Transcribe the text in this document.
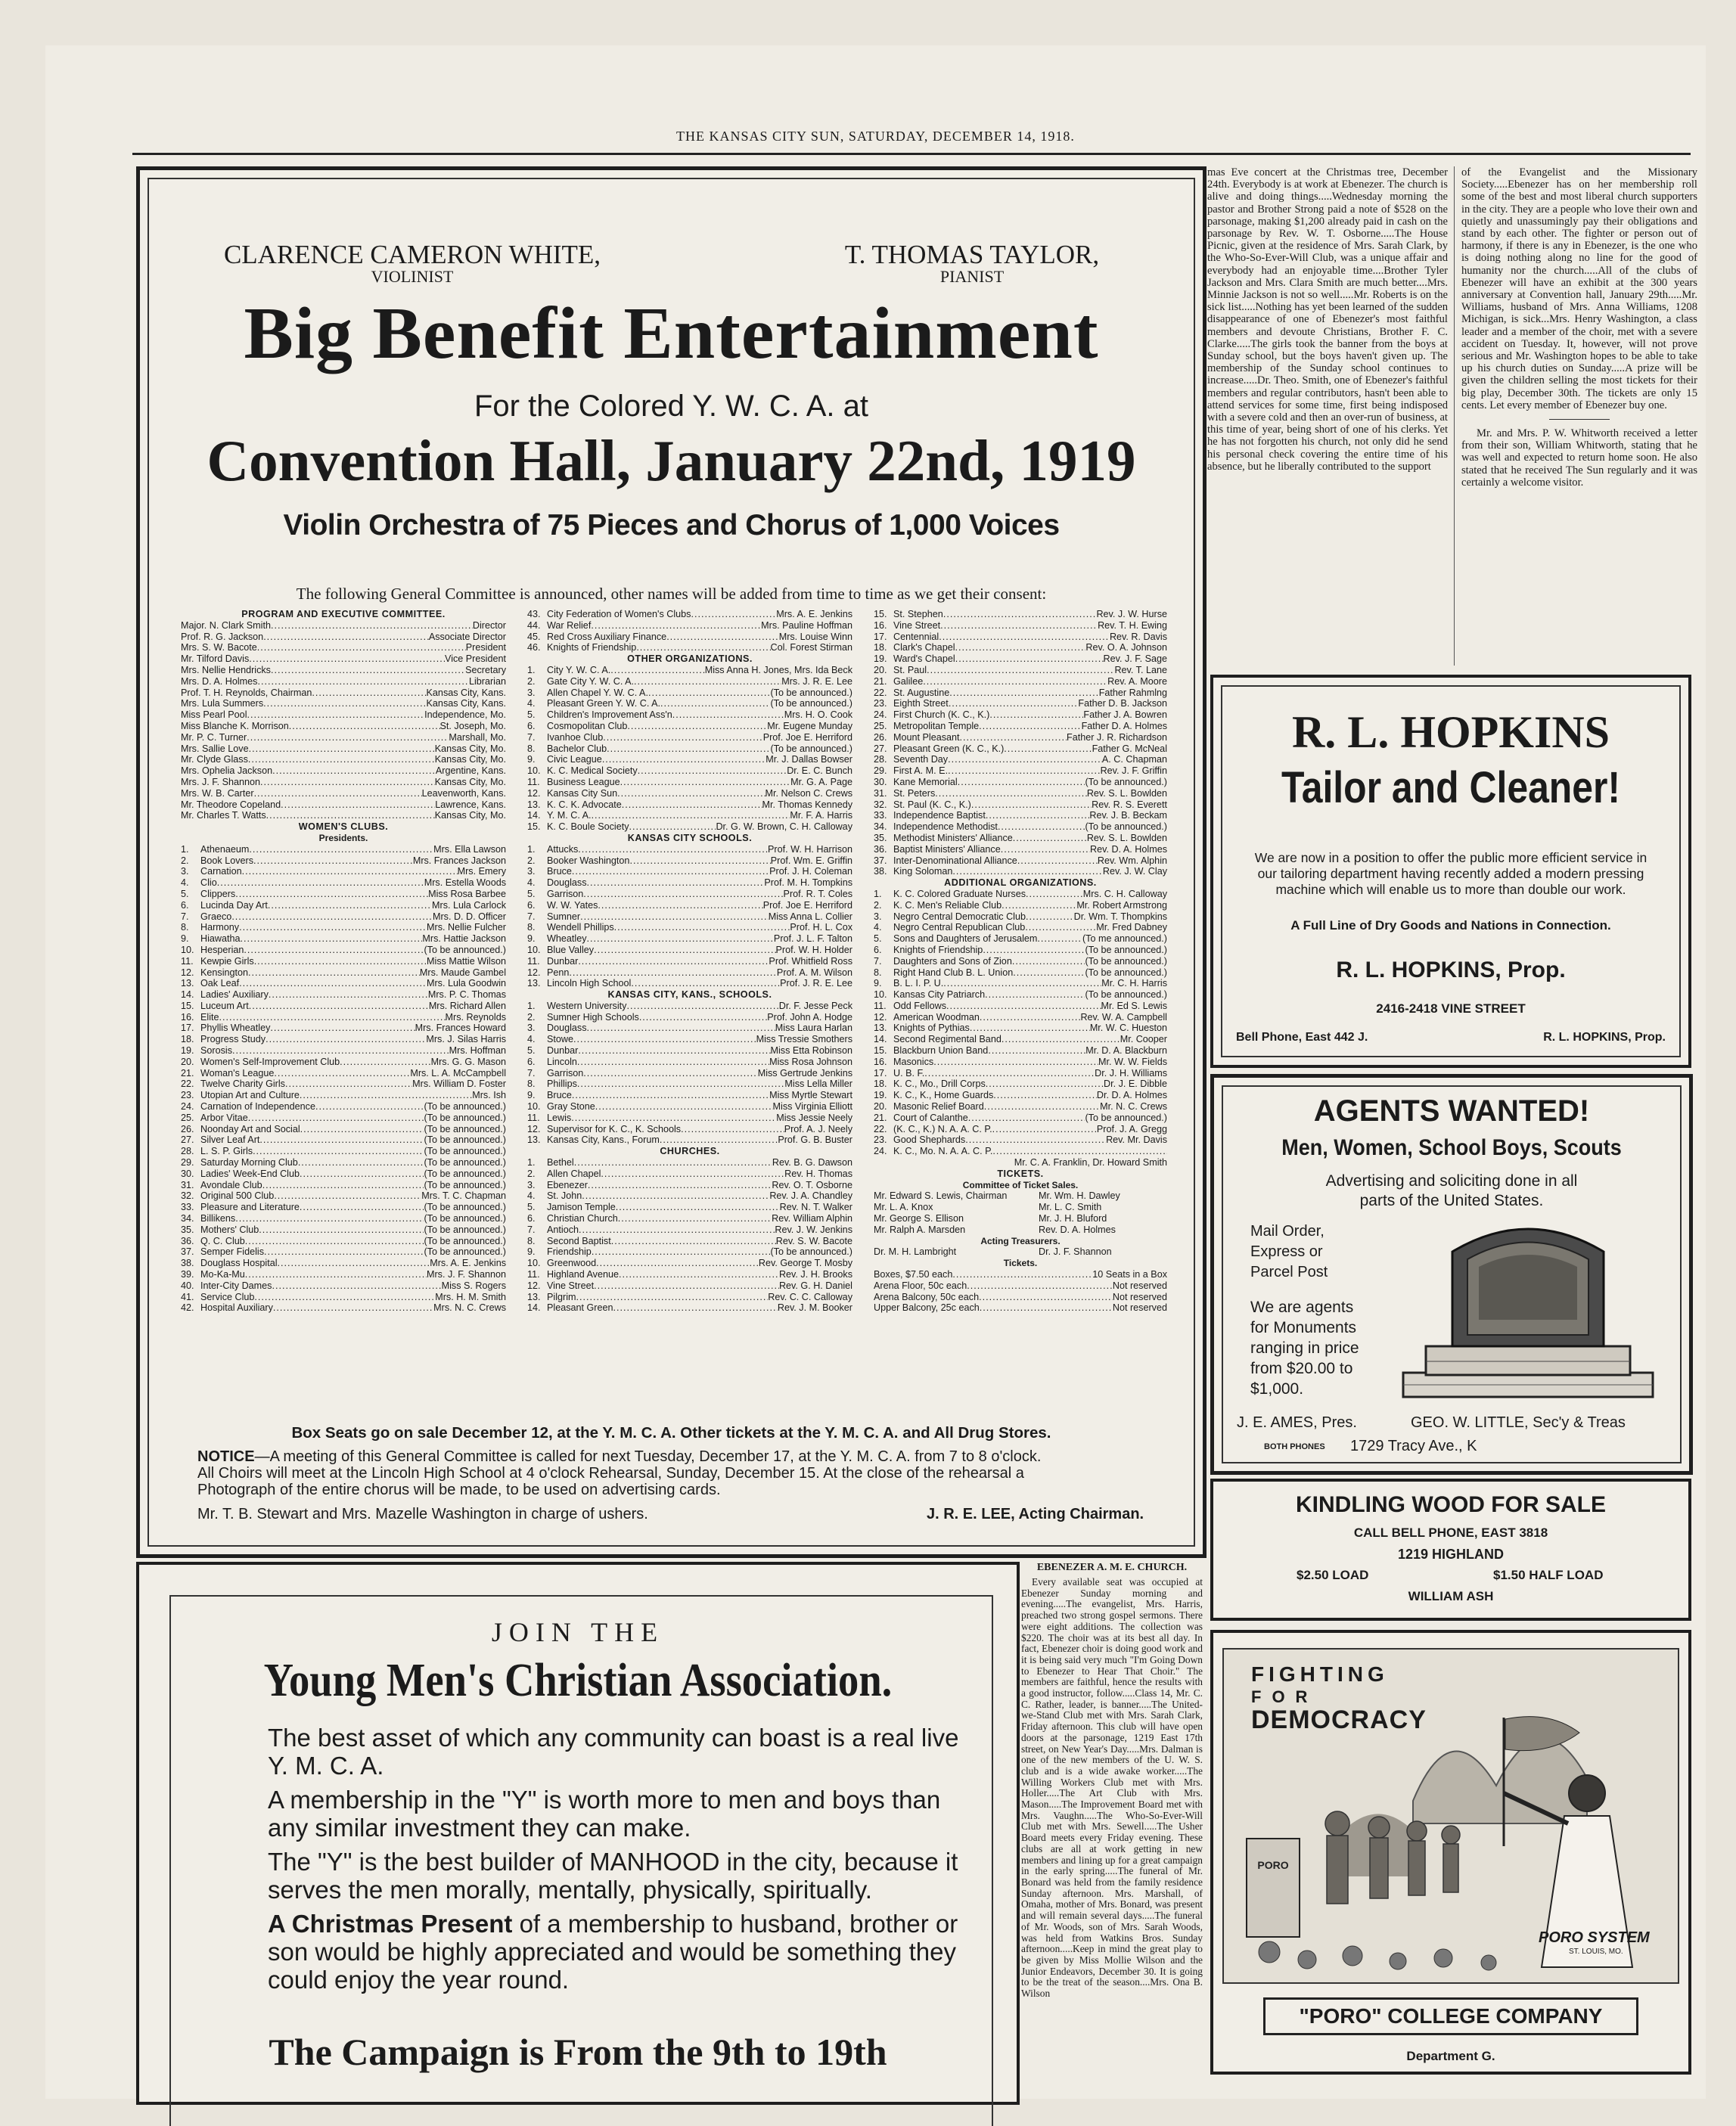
THE KANSAS CITY SUN, SATURDAY, DECEMBER 14, 1918.
CLARENCE CAMERON WHITE,
VIOLINIST
T. THOMAS TAYLOR,
PIANIST
Big Benefit Entertainment
For the Colored Y. W. C. A. at
Convention Hall, January 22nd, 1919
Violin Orchestra of 75 Pieces and Chorus of 1,000 Voices
The following General Committee is announced, other names will be added from time to time as we get their consent:
PROGRAM AND EXECUTIVE COMMITTEE.
Major. N. Clark Smith .....	Director
Prof. R. G. Jackson .....	Associate Director
Mrs. S. W. Bacote .....	President
Mr. Tilford Davis .....	Vice President
Mrs. Nellie Hendricks .....	Secretary
Mrs. D. A. Holmes .....	Librarian
Prof. T. H. Reynolds, Chairman .....	Kansas City, Kans.
Mrs. Lula Summers .....	Kansas City, Kans.
Miss Pearl Pool .....	Independence, Mo.
Miss Blanche K. Morrison .....	St. Joseph, Mo.
Mr. P. C. Turner .....	Marshall, Mo.
Mrs. Sallie Love .....	Kansas City, Mo.
Mr. Clyde Glass .....	Kansas City, Mo.
Mrs. Ophelia Jackson .....	Argentine, Kans.
Mrs. J. F. Shannon .....	Kansas City, Mo.
Mrs. W. B. Carter .....	Leavenworth, Kans.
Mr. Theodore Copeland .....	Lawrence, Kans.
Mr. Charles T. Watts .....	Kansas City, Mo.
WOMEN'S CLUBS.
Presidents.
1.	Athenaeum .....	Mrs. Ella Lawson
2.	Book Lovers .....	Mrs. Frances Jackson
3.	Carnation .....	Mrs. Emery
4.	Clio .....	Mrs. Estella Woods
5.	Clippers .....	Miss Rosa Barbee
6.	Lucinda Day Art .....	Mrs. Lula Carlock
7.	Graeco .....	Mrs. D. D. Officer
8.	Harmony .....	Mrs. Nellie Fulcher
9.	Hiawatha .....	Mrs. Hattie Jackson
10. Hesperian .....	(To be announced.)
11. Kewpie Girls .....	Miss Mattie Wilson
12. Kensington .....	Mrs. Maude Gambel
13. Oak Leaf .....	Mrs. Lula Goodwin
14. Ladies' Auxiliary .....	Mrs. P. C. Thomas
15. Luceum Art .....	Mrs. Richard Allen
16. Elite .....	Mrs. Reynolds
17. Phyllis Wheatley .....	Mrs. Frances Howard
18. Progress Study .....	Mrs. J. Silas Harris
19. Sorosis .....	Mrs. Hoffman
20. Women's Self-Improvement Club .....	Mrs. G. G. Mason
21. Woman's League .....	Mrs. L. A. McCampbell
22. Twelve Charity Girls .....	Mrs. William D. Foster
23. Utopian Art and Culture .....	Mrs. Ish
24. Carnation of Independence .....	(To be announced.)
25. Arbor Vitae .....	(To be announced.)
26. Noonday Art and Social .....	(To be announced.)
27. Silver Leaf Art .....	(To be announced.)
28. L. S. P. Girls .....	(To be announced.)
29. Saturday Morning Club .....	(To be announced.)
30. Ladies' Week-End Club .....	(To be announced.)
31. Avondale Club .....	(To be announced.)
32. Original 500 Club .....	Mrs. T. C. Chapman
33. Pleasure and Literature .....	(To be announced.)
34. Billikens .....	(To be announced.)
35. Mothers' Club .....	(To be announced.)
36. Q. C. Club .....	(To be announced.)
37. Semper Fidelis .....	(To be announced.)
38. Douglass Hospital .....	Mrs. A. E. Jenkins
39. Mo-Ka-Mu .....	Mrs. J. F. Shannon
40. Inter-City Dames .....	Miss S. Rogers
41. Service Club .....	Mrs. H. M. Smith
42. Hospital Auxiliary .....	Mrs. N. C. Crews
43. City Federation of Women's Clubs .....	Mrs. A. E. Jenkins
44. War Relief .....	Mrs. Pauline Hoffman
45. Red Cross Auxiliary Finance .....	Mrs. Louise Winn
46. Knights of Friendship .....	Col. Forest Stirman
OTHER ORGANIZATIONS.
1.	City Y. W. C. A. .....	Miss Anna H. Jones, Mrs. Ida Beck
2.	Gate City Y. W. C. A. .....	Mrs. J. R. E. Lee
3.	Allen Chapel Y. W. C. A. .....	(To be announced.)
4.	Pleasant Green Y. W. C. A. .....	(To be announced.)
5.	Children's Improvement Ass'n .....	Mrs. H. O. Cook
6.	Cosmopolitan Club .....	Mr. Eugene Munday
7.	Ivanhoe Club .....	Prof. Joe E. Herriford
8.	Bachelor Club .....	(To be announced.)
9.	Civic League .....	Mr. J. Dallas Bowser
10. K. C. Medical Society .....	Dr. E. C. Bunch
11. Business League .....	Mr. G. A. Page
12. Kansas City Sun .....	Mr. Nelson C. Crews
13. K. C. K. Advocate .....	Mr. Thomas Kennedy
14. Y. M. C. A. .....	Mr. F. A. Harris
15. K. C. Boule Society .....	Dr. G. W. Brown, C. H. Calloway
KANSAS CITY SCHOOLS.
1.	Attucks .....	Prof. W. H. Harrison
2.	Booker Washington .....	Prof. Wm. E. Griffin
3.	Bruce .....	Prof. J. H. Coleman
4.	Douglass .....	Prof. M. H. Tompkins
5.	Garrison .....	Prof. R. T. Coles
6.	W. W. Yates .....	Prof. Joe E. Herriford
7.	Sumner .....	Miss Anna L. Collier
8.	Wendell Phillips .....	Prof. H. L. Cox
9.	Wheatley .....	Prof. J. L. F. Talton
10. Blue Valley .....	Prof. W. H. Holder
11. Dunbar .....	Prof. Whitfield Ross
12. Penn .....	Prof. A. M. Wilson
13. Lincoln High School .....	Prof. J. R. E. Lee
KANSAS CITY, KANS., SCHOOLS.
1.	Western University .....	Dr. F. Jesse Peck
2.	Sumner High Schools .....	Prof. John A. Hodge
3.	Douglass .....	Miss Laura Harlan
4.	Stowe .....	Miss Tressie Smothers
5.	Dunbar .....	Miss Etta Robinson
6.	Lincoln .....	Miss Rosa Johnson
7.	Garrison .....	Miss Gertrude Jenkins
8.	Phillips .....	Miss Lella Miller
9.	Bruce .....	Miss Myrtle Stewart
10. Gray Stone .....	Miss Virginia Elliott
11. Lewis .....	Miss Jessie Neely
12. Supervisor for K. C., K. Schools .....	Prof. A. J. Neely
13. Kansas City, Kans., Forum .....	Prof. G. B. Buster
CHURCHES.
1.	Bethel .....	Rev. B. G. Dawson
2.	Allen Chapel .....	Rev. H. Thomas
3.	Ebenezer .....	Rev. O. T. Osborne
4.	St. John .....	Rev. J. A. Chandley
5.	Jamison Temple .....	Rev. N. T. Walker
6.	Christian Church .....	Rev. William Alphin
7.	Antioch .....	Rev. J. W. Jenkins
8.	Second Baptist .....	Rev. S. W. Bacote
9.	Friendship .....	(To be announced.)
10. Greenwood .....	Rev. George T. Mosby
11. Highland Avenue .....	Rev. J. H. Brooks
12. Vine Street .....	Rev. G. H. Daniel
13. Pilgrim .....	Rev. C. C. Calloway
14. Pleasant Green .....	Rev. J. M. Booker
15. St. Stephen .....	Rev. J. W. Hurse
16. Vine Street .....	Rev. T. H. Ewing
17. Centennial .....	Rev. R. Davis
18. Clark's Chapel .....	Rev. O. A. Johnson
19. Ward's Chapel .....	Rev. J. F. Sage
20. St. Paul .....	Rev. T. Lane
21. Galilee .....	Rev. A. Moore
22. St. Augustine .....	Father Rahmlng
23. Eighth Street .....	Father D. B. Jackson
24. First Church (K. C., K.) .....	Father J. A. Bowren
25. Metropolitan Temple .....	Father D. A. Holmes
26. Mount Pleasant .....	Father J. R. Richardson
27. Pleasant Green (K. C., K.) .....	Father G. McNeal
28. Seventh Day .....	A. C. Chapman
29. First A. M. E. .....	Rev. J. F. Griffin
30. Kane Memorial .....	(To be announced.)
31. St. Peters .....	Rev. S. L. Bowlden
32. St. Paul (K. C., K.) .....	Rev. R. S. Everett
33. Independence Baptist .....	Rev. J. B. Beckam
34. Independence Methodist .....	(To be announced.)
35. Methodist Ministers' Alliance .....	Rev. S. L. Bowlden
36. Baptist Ministers' Alliance .....	Rev. D. A. Holmes
37. Inter-Denominational Alliance .....	Rev. Wm. Alphin
38. King Soloman .....	Rev. J. W. Clay
ADDITIONAL ORGANIZATIONS.
1.	K. C. Colored Graduate Nurses .....	Mrs. C. H. Calloway
2.	K. C. Men's Reliable Club .....	Mr. Robert Armstrong
3.	Negro Central Democratic Club .....	Dr. Wm. T. Thompkins
4.	Negro Central Republican Club .....	Mr. Fred Dabney
5.	Sons and Daughters of Jerusalem .....	(To me announced.)
6.	Knights of Friendship .....	(To be announced.)
7.	Daughters and Sons of Zion .....	(To be announced.)
8.	Right Hand Club B. L. Union .....	(To be announced.)
9.	B. L. I. P. U. .....	Mr. C. H. Harris
10. Kansas City Patriarch .....	(To be announced.)
11. Odd Fellows .....	Mr. Ed S. Lewis
12. American Woodman .....	Rev. W. A. Campbell
13. Knights of Pythias .....	Mr. W. C. Hueston
14. Second Regimental Band .....	Mr. Cooper
15. Blackburn Union Band .....	Mr. D. A. Blackburn
16. Masonics .....	Mr. W. W. Fields
17. U. B. F. .....	Dr. J. H. Williams
18. K. C., Mo., Drill Corps .....	Dr. J. E. Dibble
19. K. C., K., Home Guards .....	Dr. D. A. Holmes
20. Masonic Relief Board .....	Mr. N. C. Crews
21. Court of Calanthe .....	(To be announced.)
22. (K. C., K.) N. A. A. C. P. .....	Prof. J. A. Gregg
23. Good Shephards .....	Rev. Mr. Davis
24. K. C., Mo. N. A. A. C. P.
.....
Mr. C. A. Franklin, Dr. Howard Smith
TICKETS.
Committee of Ticket Sales.
Mr. Edward S. Lewis, Chairman	Mr. Wm. H. Dawley
Mr. L. A. Knox	Mr. L. C. Smith
Mr. George S. Ellison	Mr. J. H. Bluford
Mr. Ralph A. Marsden	Rev. D. A. Holmes
Acting Treasurers.
Dr. M. H. Lambright	Dr. J. F. Shannon
Tickets.
Boxes, $7.50 each .....	10 Seats in a Box
Arena Floor, 50c each .....	Not reserved
Arena Balcony, 50c each .....	Not reserved
Upper Balcony, 25c each .....	Not reserved
Box Seats go on sale December 12, at the Y. M. C. A. Other tickets at the Y. M. C. A. and All Drug Stores.
NOTICE—A meeting of this General Committee is called for next Tuesday, December 17, at the Y. M. C. A. from 7 to 8 o'clock.
All Choirs will meet at the Lincoln High School at 4 o'clock Rehearsal, Sunday, December 15. At the close of the rehearsal a
Photograph of the entire chorus will be made, to be used on advertising cards.
Mr. T. B. Stewart and Mrs. Mazelle Washington in charge of ushers.	J. R. E. LEE, Acting Chairman.
JOIN THE
Young Men's Christian Association.
The best asset of which any community can boast is a real live Y. M. C. A.
A membership in the "Y" is worth more to men and boys than any similar investment they can make.
The "Y" is the best builder of MANHOOD in the city, because it serves the men morally, mentally, physically, spiritually.
A Christmas Present of a membership to husband, brother or son would be highly appreciated and would be something they could enjoy the year round.
The Campaign is From the 9th to 19th
mas Eve concert at the Christmas tree, December 24th. Everybody is at work at Ebenezer. The church is alive and doing things.....Wednesday morning the pastor and Brother Strong paid a note of $528 on the parsonage, making $1,200 already paid in cash on the parsonage by Rev. W. T. Osborne.....The House Picnic, given at the residence of Mrs. Sarah Clark, by the Who-So-Ever-Will Club, was a unique affair and everybody had an enjoyable time....Brother Tyler Jackson and Mrs. Clara Smith are much better....Mrs. Minnie Jackson is not so well.....Mr. Roberts is on the sick list.....Nothing has yet been learned of the sudden disappearance of one of Ebenezer's most faithful members and devoute Christians, Brother F. C. Clarke.....The girls took the banner from the boys at Sunday school, but the boys haven't given up. The membership of the Sunday school continues to increase.....Dr. Theo. Smith, one of Ebenezer's faithful members and regular contributors, hasn't been able to attend services for some time, first being indisposed with a severe cold and then an over-run of business, at this time of year, being short of one of his clerks. Yet he has not forgotten his church, not only did he send his personal check covering the entire time of his absence, but he liberally contributed to the support
of the Evangelist and the Missionary Society.....Ebenezer has on her membership roll some of the best and most liberal church supporters in the city. They are a people who love their own and quietly and unassumingly pay their obligations and stand by each other. The fighter or person out of harmony, if there is any in Ebenezer, is the one who is doing nothing along no line for the good of humanity nor the church.....All of the clubs of Ebenezer will have an exhibit at the 300 years anniversary at Convention hall, January 29th.....Mr. Williams, husband of Mrs. Anna Williams, 1208 Michigan, is sick...Mrs. Henry Washington, a class leader and a member of the choir, met with a severe accident on Tuesday. It, however, will not prove serious and Mr. Washington hopes to be able to take up his church duties on Sunday.....A prize will be given the children selling the most tickets for their big play, December 30th. The tickets are only 15 cents. Let every member of Ebenezer buy one.
Mr. and Mrs. P. W. Whitworth received a letter from their son, William Whitworth, stating that he was well and expected to return home soon. He also stated that he received The Sun regularly and it was certainly a welcome visitor.
R. L. HOPKINS
Tailor and Cleaner!
We are now in a position to offer the public more efficient service in our tailoring department having recently added a modern pressing machine which will enable us to more than double our work.
A Full Line of Dry Goods and Nations in Connection.
R. L. HOPKINS, Prop.
2416-2418 VINE STREET
Bell Phone, East 442 J.	R. L. HOPKINS, Prop.
AGENTS WANTED!
Men, Women, School Boys, Scouts
Advertising and soliciting done in all
parts of the United States.
Mail Order,
Express or
Parcel Post
We are agents
for Monuments
ranging in price
from $20.00 to
$1,000.
J. E. AMES, Pres.	GEO. W. LITTLE, Sec'y & Treas
BOTH PHONES 1729 Tracy Ave., K
KINDLING WOOD FOR SALE
CALL BELL PHONE, EAST 3818
1219 HIGHLAND
$2.50 LOAD	$1.50 HALF LOAD
WILLIAM ASH
PORO
FIGHTING
FOR
DEMOCRACY
PORO SYSTEM
ST. LOUIS, MO.
"PORO" COLLEGE COMPANY
Department G.
EBENEZER A. M. E. CHURCH.
Every available seat was occupied at Ebenezer Sunday morning and evening.....The evangelist, Mrs. Harris, preached two strong gospel sermons. There were eight additions. The collection was $220. The choir was at its best all day. In fact, Ebenezer choir is doing good work and it is being said very much "I'm Going Down to Ebenezer to Hear That Choir." The members are faithful, hence the results with a good instructor, follow.....Class 14, Mr. C. C. Rather, leader, is banner.....The United-we-Stand Club met with Mrs. Sarah Clark, Friday afternoon. This club will have open doors at the parsonage, 1219 East 17th street, on New Year's Day.....Mrs. Dalman is one of the new members of the U. W. S. club and is a wide awake worker.....The Willing Workers Club met with Mrs. Holler.....The Art Club with Mrs. Mason.....The Improvement Board met with Mrs. Vaughn.....The Who-So-Ever-Will Club met with Mrs. Sewell.....The Usher Board meets every Friday evening. These clubs are all at work getting in new members and lining up for a great campaign in the early spring.....The funeral of Mr. Bonard was held from the family residence Sunday afternoon. Mrs. Marshall, of Omaha, mother of Mrs. Bonard, was present and will remain several days.....The funeral of Mr. Woods, son of Mrs. Sarah Woods, was held from Watkins Bros. Sunday afternoon.....Keep in mind the great play to be given by Miss Mollie Wilson and the Junior Endeavors, December 30. It is going to be the treat of the season....Mrs. Ona B. Wilson
